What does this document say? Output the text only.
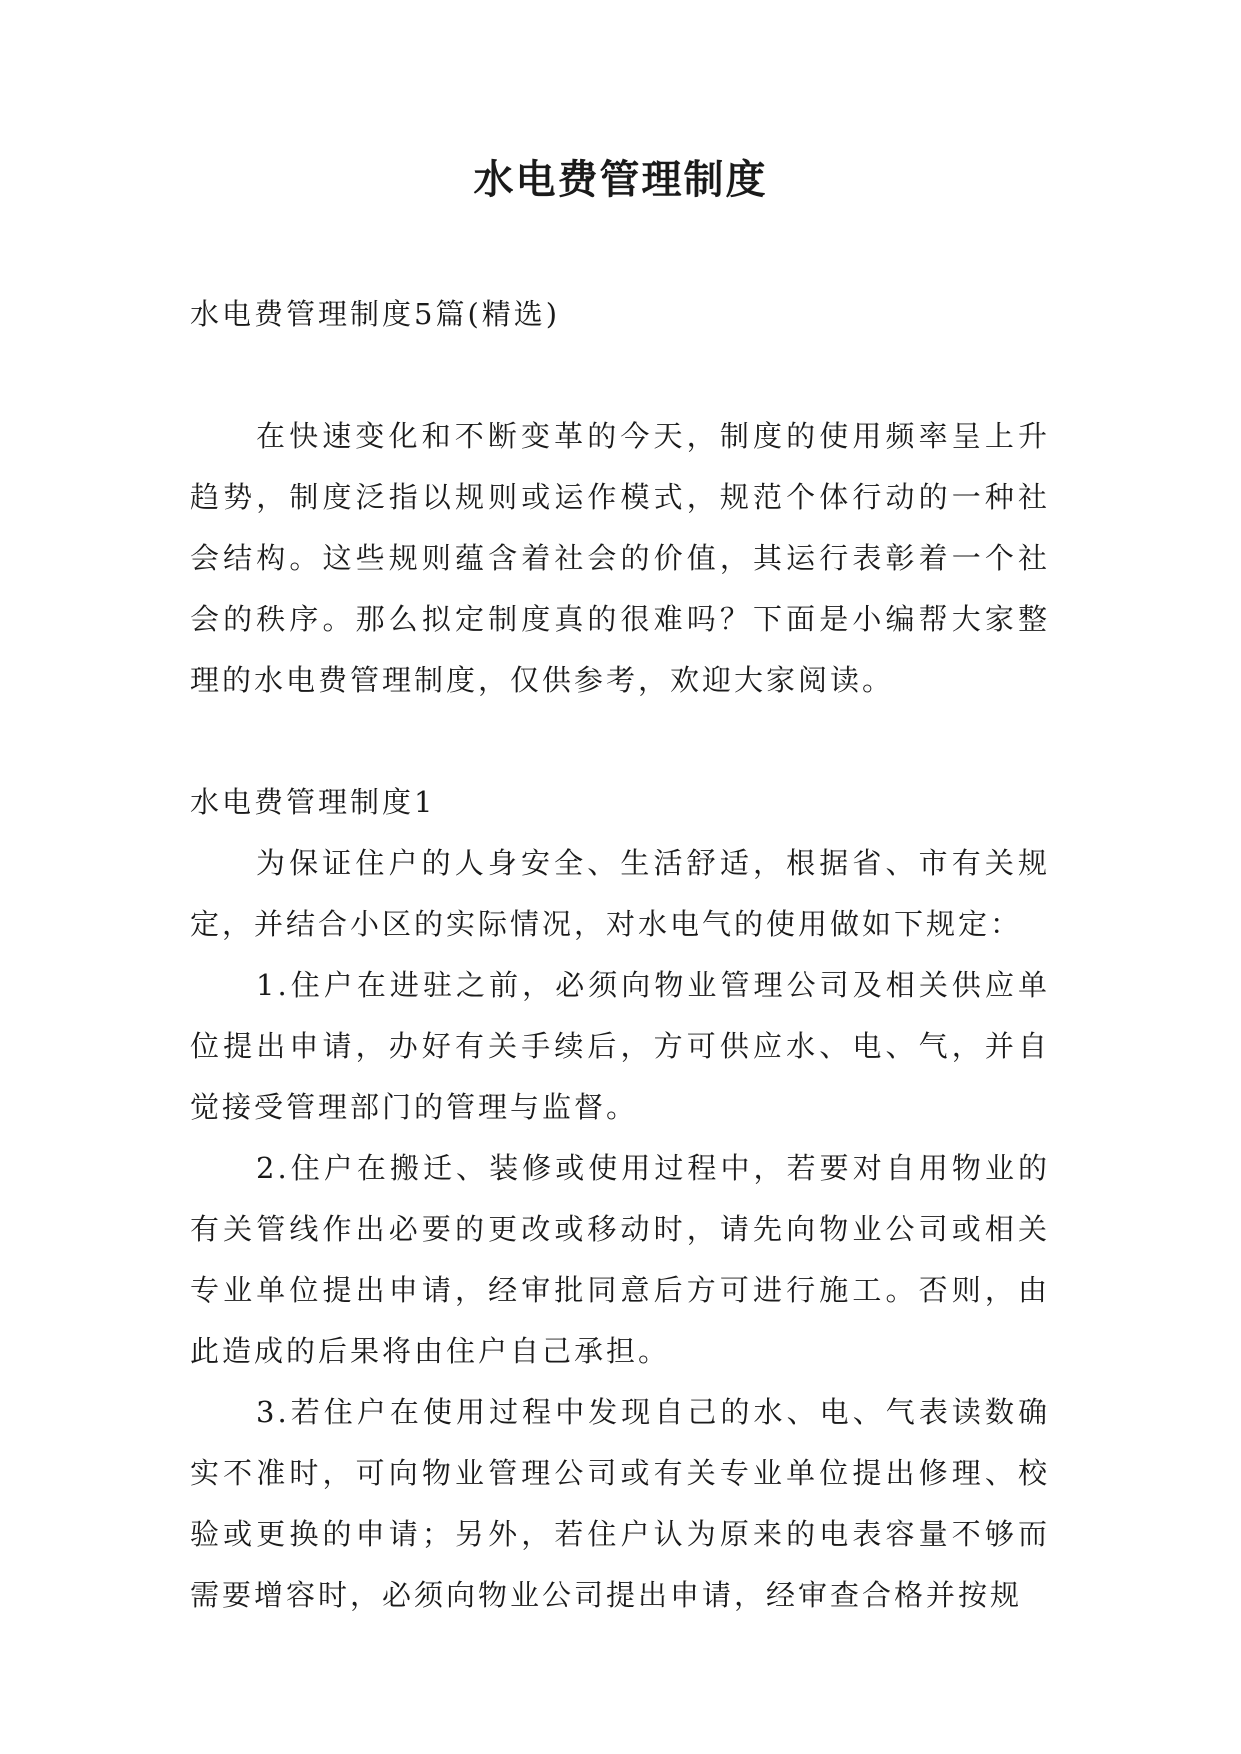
水电费管理制度

水电费管理制度5篇(精选)

在快速变化和不断变革的今天，制度的使用频率呈上升趋势，制度泛指以规则或运作模式，规范个体行动的一种社会结构。这些规则蕴含着社会的价值，其运行表彰着一个社会的秩序。那么拟定制度真的很难吗？下面是小编帮大家整理的水电费管理制度，仅供参考，欢迎大家阅读。

水电费管理制度1

为保证住户的人身安全、生活舒适，根据省、市有关规定，并结合小区的实际情况，对水电气的使用做如下规定：

1.住户在进驻之前，必须向物业管理公司及相关供应单位提出申请，办好有关手续后，方可供应水、电、气，并自觉接受管理部门的管理与监督。

2.住户在搬迁、装修或使用过程中，若要对自用物业的有关管线作出必要的更改或移动时，请先向物业公司或相关专业单位提出申请，经审批同意后方可进行施工。否则，由此造成的后果将由住户自己承担。

3.若住户在使用过程中发现自己的水、电、气表读数确实不准时，可向物业管理公司或有关专业单位提出修理、校验或更换的申请；另外，若住户认为原来的电表容量不够而需要增容时，必须向物业公司提出申请，经审查合格并按规
